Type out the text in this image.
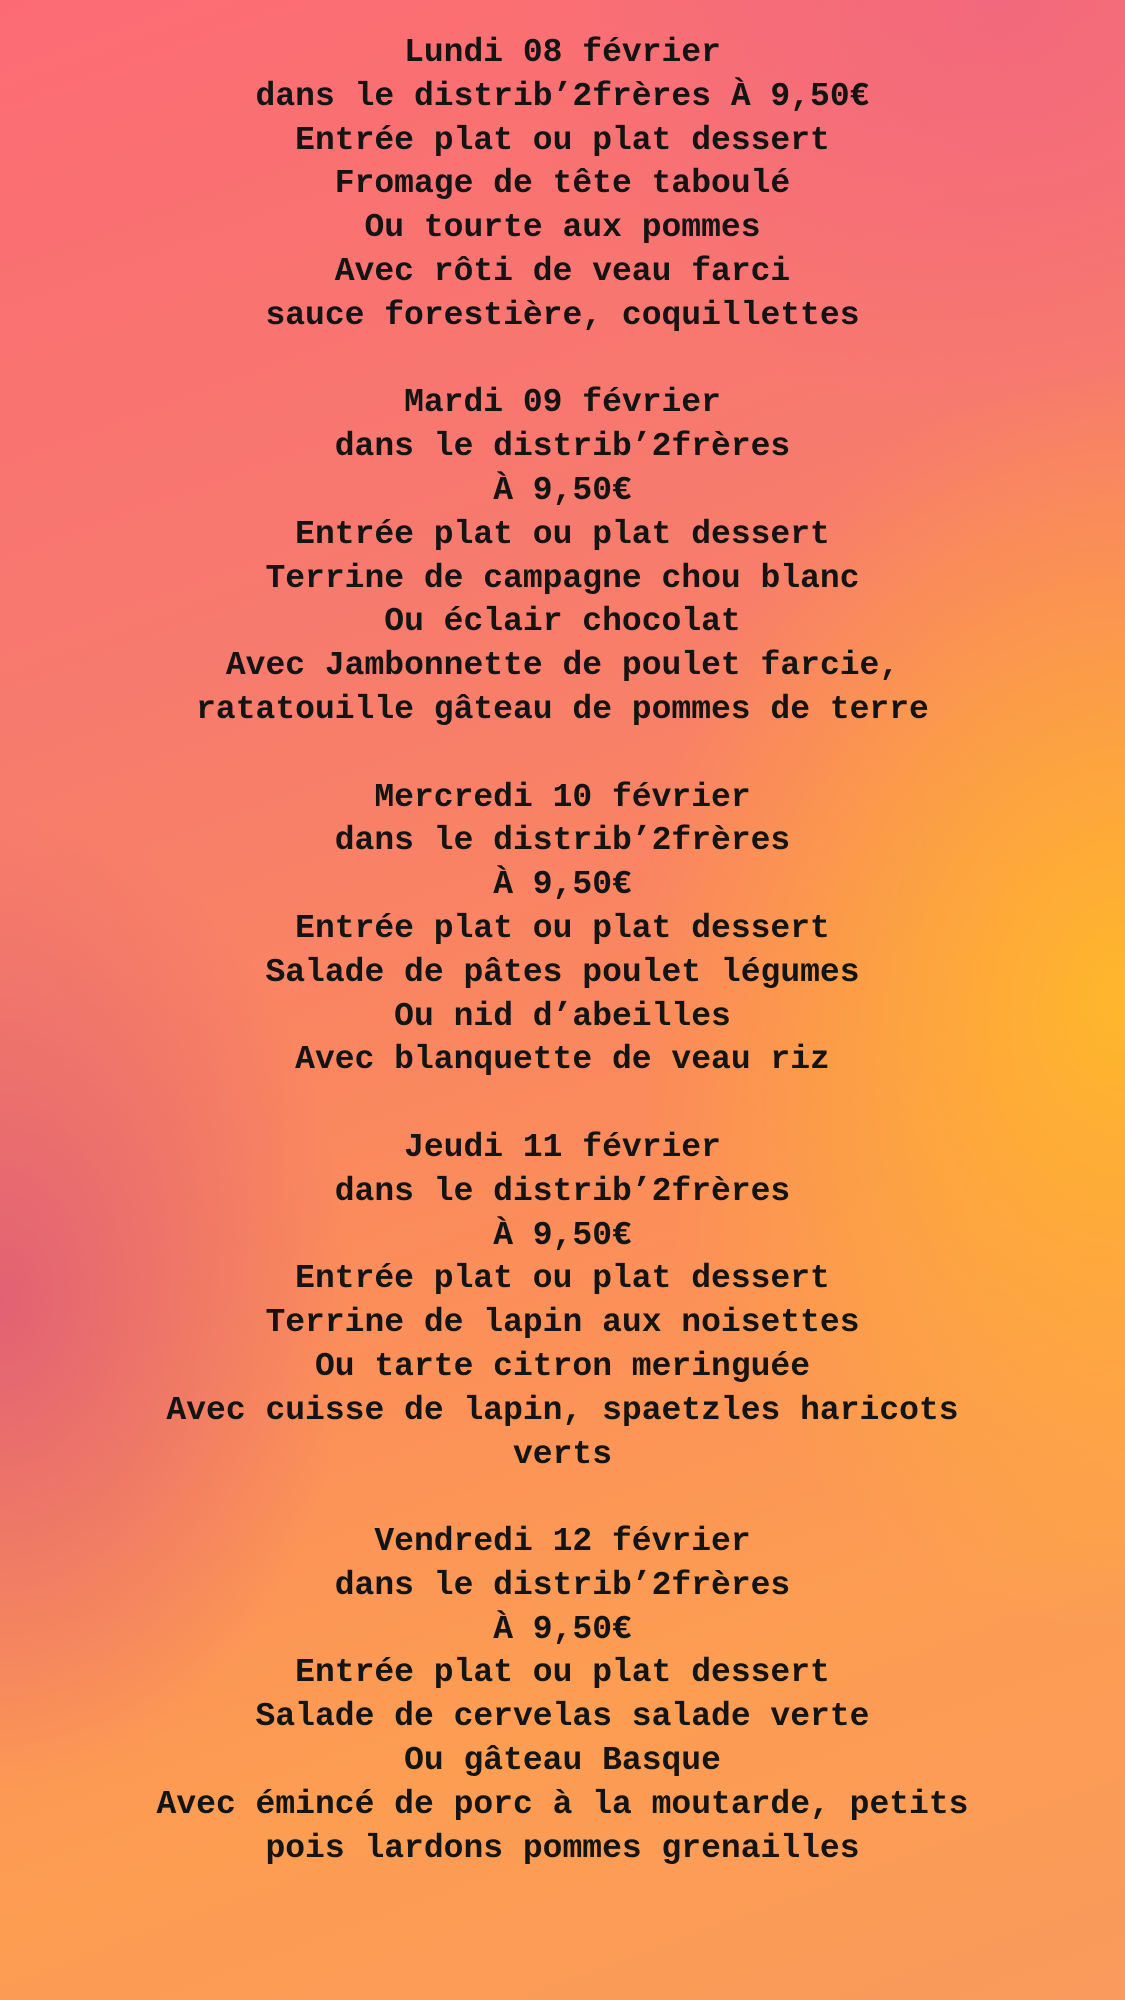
Lundi 08 février
dans le distrib’2frères À 9,50€
Entrée plat ou plat dessert
Fromage de tête taboulé
Ou tourte aux pommes
Avec rôti de veau farci
sauce forestière, coquillettes
Mardi 09 février
dans le distrib’2frères
À 9,50€
Entrée plat ou plat dessert
Terrine de campagne chou blanc
Ou éclair chocolat
Avec Jambonnette de poulet farcie,
ratatouille gâteau de pommes de terre
Mercredi 10 février
dans le distrib’2frères
À 9,50€
Entrée plat ou plat dessert
Salade de pâtes poulet légumes
Ou nid d’abeilles
Avec blanquette de veau riz
Jeudi 11 février
dans le distrib’2frères
À 9,50€
Entrée plat ou plat dessert
Terrine de lapin aux noisettes
Ou tarte citron meringuée
Avec cuisse de lapin, spaetzles haricots
verts
Vendredi 12 février
dans le distrib’2frères
À 9,50€
Entrée plat ou plat dessert
Salade de cervelas salade verte
Ou gâteau Basque
Avec émincé de porc à la moutarde, petits
pois lardons pommes grenailles
